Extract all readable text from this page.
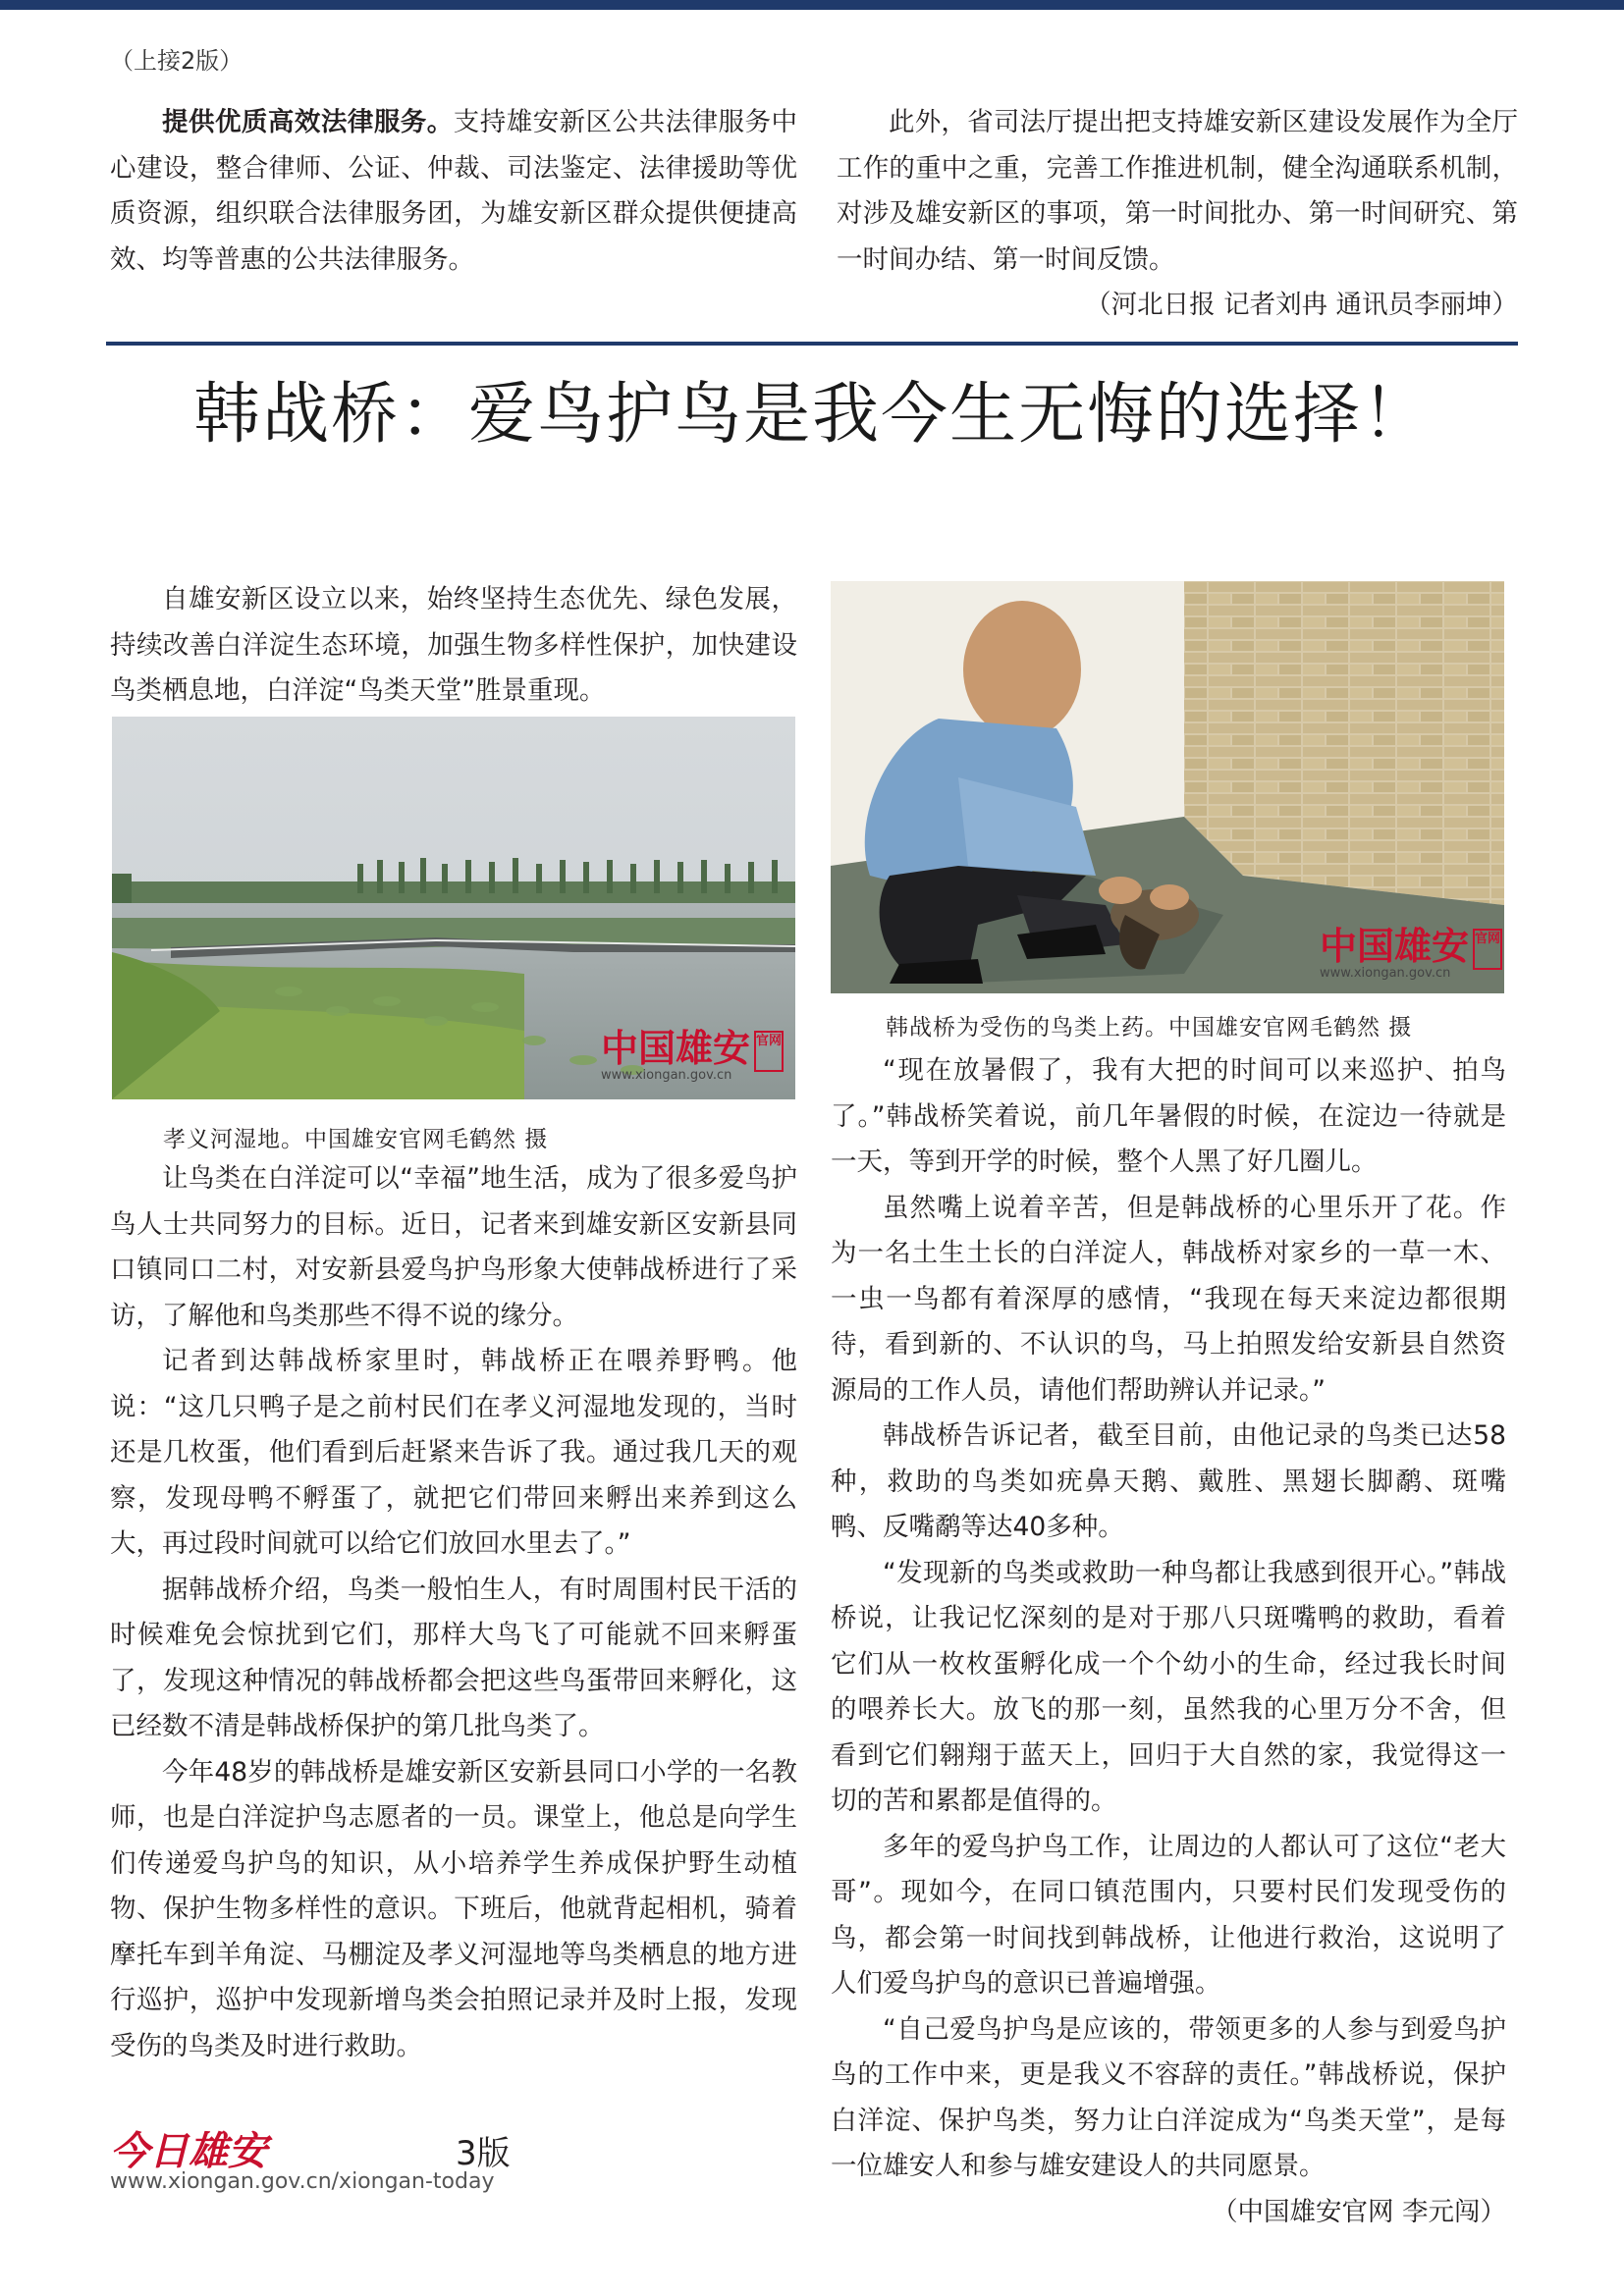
（上接2版）

提供优质高效法律服务。支持雄安新区公共法律服务中心建设，整合律师、公证、仲裁、司法鉴定、法律援助等优质资源，组织联合法律服务团，为雄安新区群众提供便捷高效、均等普惠的公共法律服务。

此外，省司法厅提出把支持雄安新区建设发展作为全厅工作的重中之重，完善工作推进机制，健全沟通联系机制，对涉及雄安新区的事项，第一时间批办、第一时间研究、第一时间办结、第一时间反馈。

（河北日报 记者刘冉 通讯员李丽坤）

韩战桥：爱鸟护鸟是我今生无悔的选择！

自雄安新区设立以来，始终坚持生态优先、绿色发展，持续改善白洋淀生态环境，加强生物多样性保护，加快建设鸟类栖息地，白洋淀“鸟类天堂”胜景重现。

中国雄安
www.xiongan.gov.cn
官网
孝义河湿地。中国雄安官网毛鹤然 摄

让鸟类在白洋淀可以“幸福”地生活，成为了很多爱鸟护鸟人士共同努力的目标。近日，记者来到雄安新区安新县同口镇同口二村，对安新县爱鸟护鸟形象大使韩战桥进行了采访，了解他和鸟类那些不得不说的缘分。

记者到达韩战桥家里时，韩战桥正在喂养野鸭。他说：“这几只鸭子是之前村民们在孝义河湿地发现的，当时还是几枚蛋，他们看到后赶紧来告诉了我。通过我几天的观察，发现母鸭不孵蛋了，就把它们带回来孵出来养到这么大，再过段时间就可以给它们放回水里去了。”

据韩战桥介绍，鸟类一般怕生人，有时周围村民干活的时候难免会惊扰到它们，那样大鸟飞了可能就不回来孵蛋了，发现这种情况的韩战桥都会把这些鸟蛋带回来孵化，这已经数不清是韩战桥保护的第几批鸟类了。

今年48岁的韩战桥是雄安新区安新县同口小学的一名教师，也是白洋淀护鸟志愿者的一员。课堂上，他总是向学生们传递爱鸟护鸟的知识，从小培养学生养成保护野生动植物、保护生物多样性的意识。下班后，他就背起相机，骑着摩托车到羊角淀、马棚淀及孝义河湿地等鸟类栖息的地方进行巡护，巡护中发现新增鸟类会拍照记录并及时上报，发现受伤的鸟类及时进行救助。

中国雄安
www.xiongan.gov.cn
官网
韩战桥为受伤的鸟类上药。中国雄安官网毛鹤然 摄

“现在放暑假了，我有大把的时间可以来巡护、拍鸟了。”韩战桥笑着说，前几年暑假的时候，在淀边一待就是一天，等到开学的时候，整个人黑了好几圈儿。

虽然嘴上说着辛苦，但是韩战桥的心里乐开了花。作为一名土生土长的白洋淀人，韩战桥对家乡的一草一木、一虫一鸟都有着深厚的感情，“我现在每天来淀边都很期待，看到新的、不认识的鸟，马上拍照发给安新县自然资源局的工作人员，请他们帮助辨认并记录。”

韩战桥告诉记者，截至目前，由他记录的鸟类已达58种，救助的鸟类如疣鼻天鹅、戴胜、黑翅长脚鹬、斑嘴鸭、反嘴鹬等达40多种。

“发现新的鸟类或救助一种鸟都让我感到很开心。”韩战桥说，让我记忆深刻的是对于那八只斑嘴鸭的救助，看着它们从一枚枚蛋孵化成一个个幼小的生命，经过我长时间的喂养长大。放飞的那一刻，虽然我的心里万分不舍，但看到它们翱翔于蓝天上，回归于大自然的家，我觉得这一切的苦和累都是值得的。

多年的爱鸟护鸟工作，让周边的人都认可了这位“老大哥”。现如今，在同口镇范围内，只要村民们发现受伤的鸟，都会第一时间找到韩战桥，让他进行救治，这说明了人们爱鸟护鸟的意识已普遍增强。

“自己爱鸟护鸟是应该的，带领更多的人参与到爱鸟护鸟的工作中来，更是我义不容辞的责任。”韩战桥说，保护白洋淀、保护鸟类，努力让白洋淀成为“鸟类天堂”，是每一位雄安人和参与雄安建设人的共同愿景。

（中国雄安官网 李元闯）

今日雄安	3版
www.xiongan.gov.cn/xiongan-today
